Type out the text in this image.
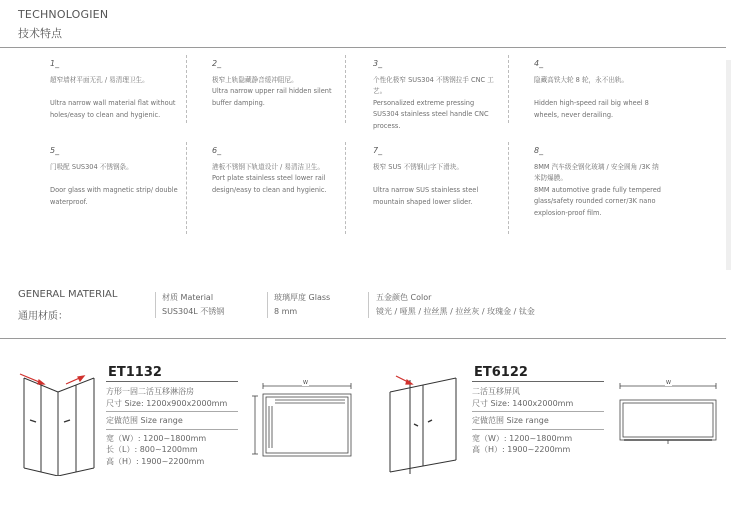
TECHNOLOGIEN
技术特点
1_
超窄墙材平面无孔 / 易清理卫生。
Ultra narrow wall material flat without holes/easy to clean and hygienic.
2_
极窄上轨隐藏静音缓冲阻尼。
Ultra narrow upper rail hidden silent buffer damping.
3_
个性化极窄 SUS304 不锈钢拉手 CNC 工艺。
Personalized extreme pressing SUS304 stainless steel handle CNC process.
4_
隐藏高铁大轮 8 轮，永不出轨。
Hidden high-speed rail big wheel 8 wheels, never derailing.
5_
门吸配 SUS304 不锈钢条。
Door glass with magnetic strip/ double waterproof.
6_
港板不锈钢下轨道设计 / 易清洁卫生。
Port plate stainless steel lower rail design/easy to clean and hygienic.
7_
极窄 SUS 不锈钢山字下滑块。
Ultra narrow SUS stainless steel mountain shaped lower slider.
8_
8MM 汽车级全钢化玻璃 / 安全圆角 /3K 纳米防爆膜。
8MM automotive grade fully tempered glass/safety rounded corner/3K nano explosion-proof film.
GENERAL MATERIAL
通用材质：
材质 Material
SUS304L 不锈钢
玻璃厚度 Glass
8 mm
五金颜色 Color
镜光 / 哑黑 / 拉丝黑 / 拉丝灰 / 玫瑰金 / 钛金
ET1132
方形一固二活互移淋浴房
尺寸 Size: 1200x900x2000mm
定做范围 Size range
宽（W）: 1200~1800mm
长（L）: 800~1200mm
高（H）: 1900~2200mm
W
ET6122
二活互移屏风
尺寸 Size: 1400x2000mm
定做范围 Size range
宽（W）: 1200~1800mm
高（H）: 1900~2200mm
W
